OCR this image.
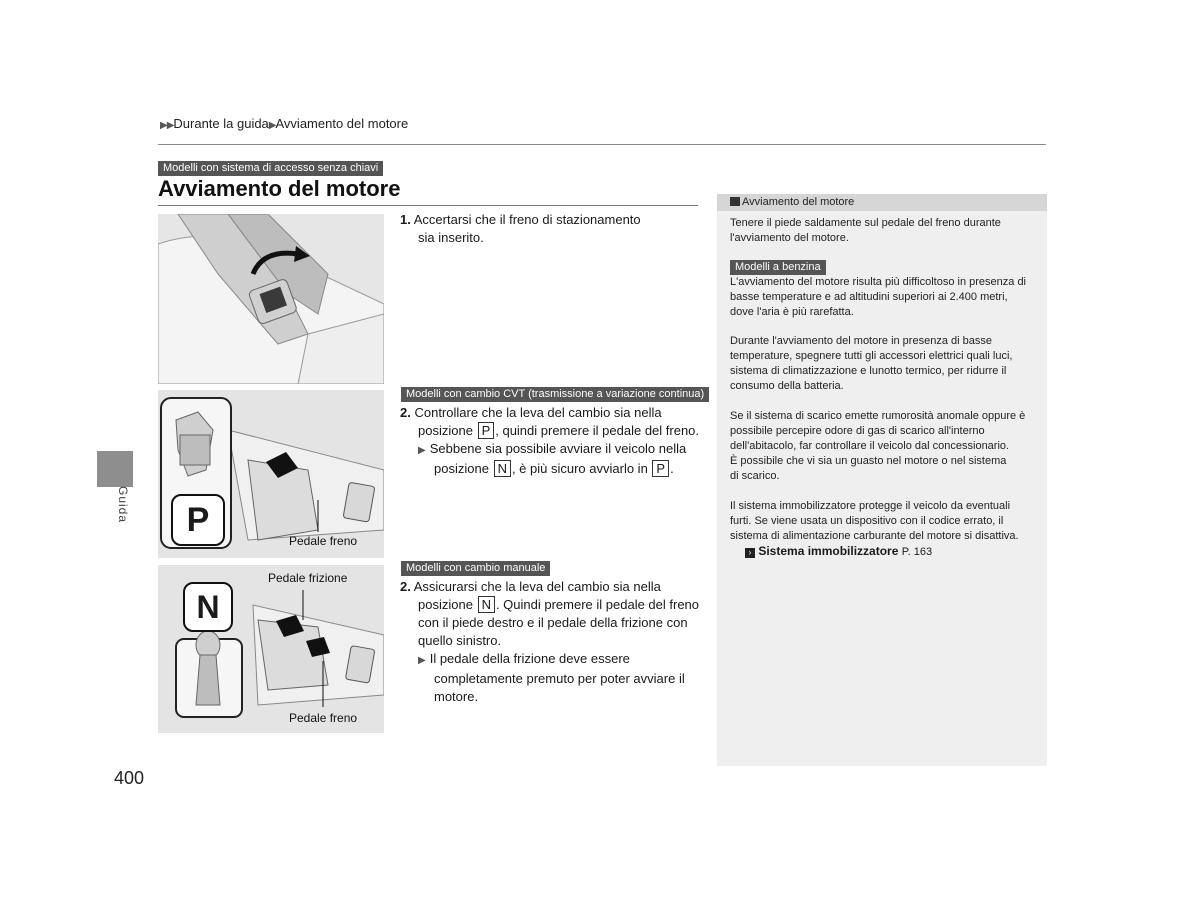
▶▶Durante la guida▶Avviamento del motore
Modelli con sistema di accesso senza chiavi
Avviamento del motore
Guida
1. Accertarsi che il freno di stazionamento
sia inserito.
P
Pedale freno
Modelli con cambio CVT (trasmissione a variazione continua)
2. Controllare che la leva del cambio sia nella
posizione P , quindi premere il pedale del freno.
▶ Sebbene sia possibile avviare il veicolo nella
posizione N , è più sicuro avviarlo in P .
N
Pedale frizione
Pedale freno
Modelli con cambio manuale
2. Assicurarsi che la leva del cambio sia nella
posizione N . Quindi premere il pedale del freno
con il piede destro e il pedale della frizione con
quello sinistro.
▶ Il pedale della frizione deve essere
completamente premuto per poter avviare il
motore.
Avviamento del motore
Tenere il piede saldamente sul pedale del freno durante
l'avviamento del motore.
Modelli a benzina
L'avviamento del motore risulta più difficoltoso in presenza di
basse temperature e ad altitudini superiori ai 2.400 metri,
dove l'aria è più rarefatta.
Durante l'avviamento del motore in presenza di basse
temperature, spegnere tutti gli accessori elettrici quali luci,
sistema di climatizzazione e lunotto termico, per ridurre il
consumo della batteria.
Se il sistema di scarico emette rumorosità anomale oppure è
possibile percepire odore di gas di scarico all'interno
dell'abitacolo, far controllare il veicolo dal concessionario.
È possibile che vi sia un guasto nel motore o nel sistema
di scarico.
Il sistema immobilizzatore protegge il veicolo da eventuali
furti. Se viene usata un dispositivo con il codice errato, il
sistema di alimentazione carburante del motore si disattiva.
› Sistema immobilizzatore P. 163
400
